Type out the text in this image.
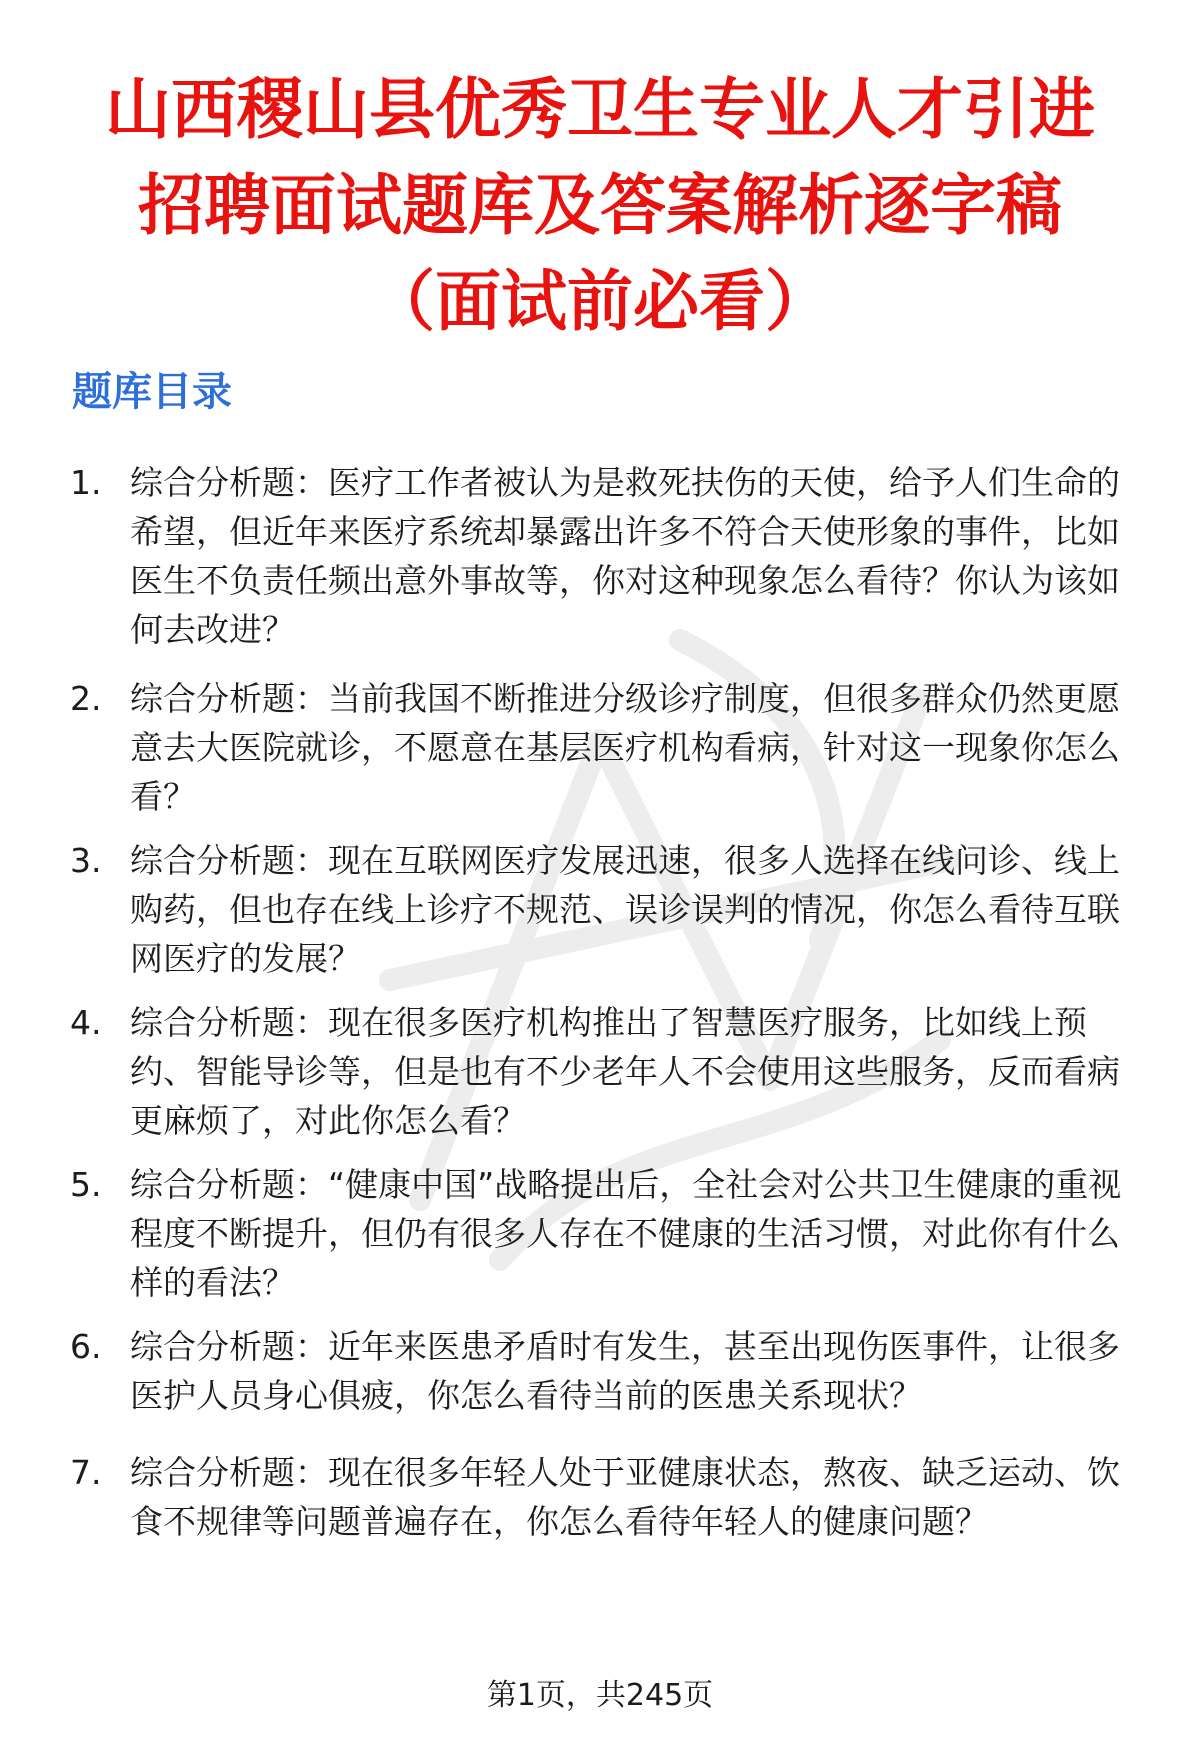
山西稷山县优秀卫生专业人才引进
招聘面试题库及答案解析逐字稿
（面试前必看）
题库目录
1. 综合分析题：医疗工作者被认为是救死扶伤的天使，给予人们生命的希望，但近年来医疗系统却暴露出许多不符合天使形象的事件，比如医生不负责任频出意外事故等，你对这种现象怎么看待？你认为该如何去改进？
2. 综合分析题：当前我国不断推进分级诊疗制度，但很多群众仍然更愿意去大医院就诊，不愿意在基层医疗机构看病，针对这一现象你怎么看？
3. 综合分析题：现在互联网医疗发展迅速，很多人选择在线问诊、线上购药，但也存在线上诊疗不规范、误诊误判的情况，你怎么看待互联网医疗的发展？
4. 综合分析题：现在很多医疗机构推出了智慧医疗服务，比如线上预约、智能导诊等，但是也有不少老年人不会使用这些服务，反而看病更麻烦了，对此你怎么看？
5. 综合分析题：“健康中国”战略提出后，全社会对公共卫生健康的重视程度不断提升，但仍有很多人存在不健康的生活习惯，对此你有什么样的看法？
6. 综合分析题：近年来医患矛盾时有发生，甚至出现伤医事件，让很多医护人员身心俱疲，你怎么看待当前的医患关系现状？
7. 综合分析题：现在很多年轻人处于亚健康状态，熬夜、缺乏运动、饮食不规律等问题普遍存在，你怎么看待年轻人的健康问题？
第1页，共245页
